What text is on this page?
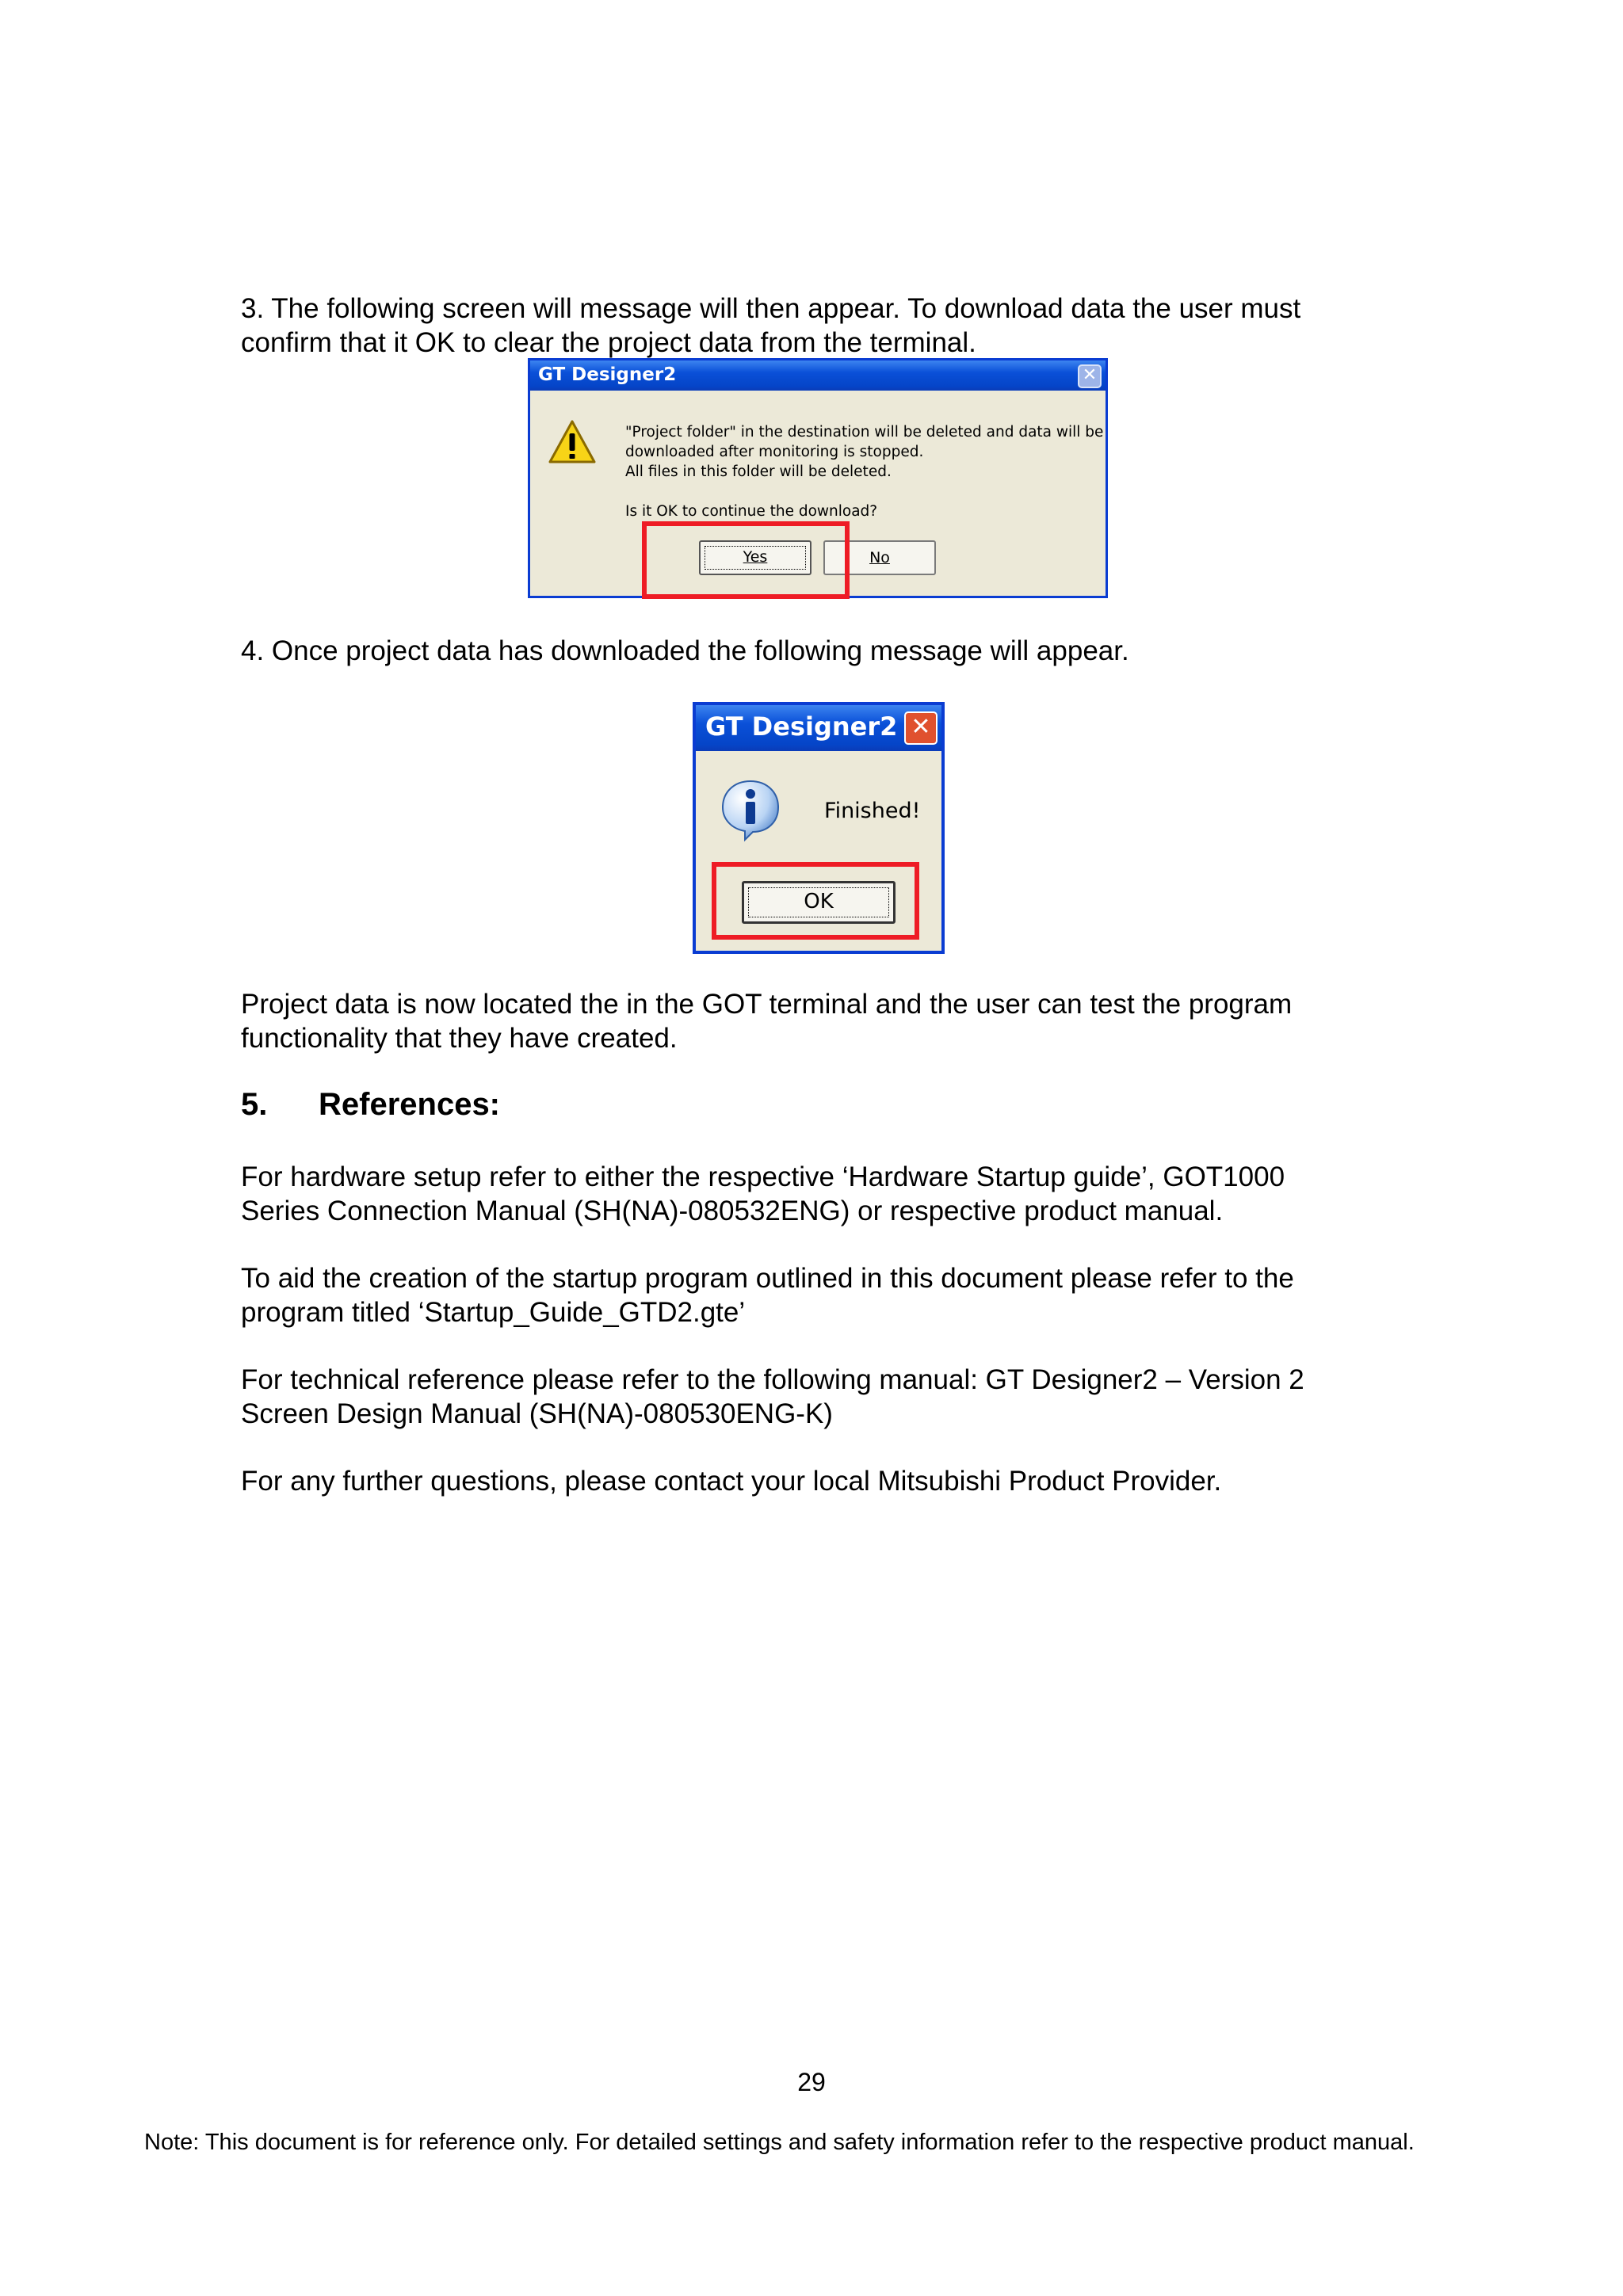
3. The following screen will message will then appear. To download data the user must
confirm that it OK to clear the project data from the terminal.
GT Designer2	✕
"Project folder" in the destination will be deleted and data will be
downloaded after monitoring is stopped.
All files in this folder will be deleted.
Is it OK to continue the download?
Yes	No
4. Once project data has downloaded the following message will appear.
GT Designer2 ✕
Finished!
OK
Project data is now located the in the GOT terminal and the user can test the program
functionality that they have created.
5. References:
For hardware setup refer to either the respective ‘Hardware Startup guide’, GOT1000
Series Connection Manual (SH(NA)-080532ENG) or respective product manual.
To aid the creation of the startup program outlined in this document please refer to the
program titled ‘Startup_Guide_GTD2.gte’
For technical reference please refer to the following manual: GT Designer2 – Version 2
Screen Design Manual (SH(NA)-080530ENG-K)
For any further questions, please contact your local Mitsubishi Product Provider.
29
Note: This document is for reference only. For detailed settings and safety information refer to the respective product manual.
